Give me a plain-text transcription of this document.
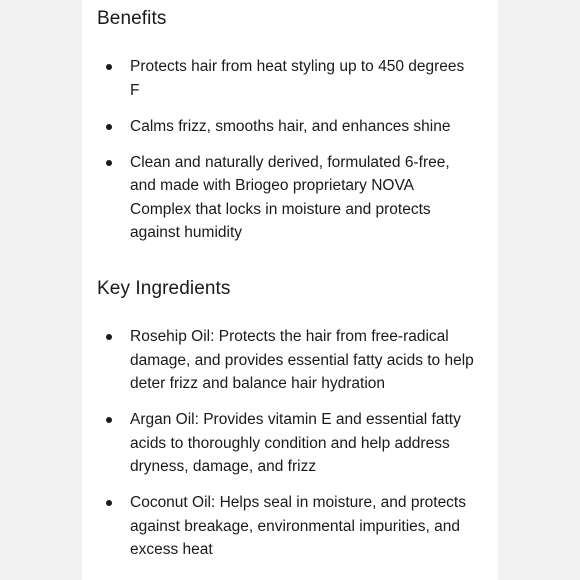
Benefits
Protects hair from heat styling up to 450 degrees F
Calms frizz, smooths hair, and enhances shine
Clean and naturally derived, formulated 6-free, and made with Briogeo proprietary NOVA Complex that locks in moisture and protects against humidity
Key Ingredients
Rosehip Oil: Protects the hair from free-radical damage, and provides essential fatty acids to help deter frizz and balance hair hydration
Argan Oil: Provides vitamin E and essential fatty acids to thoroughly condition and help address dryness, damage, and frizz
Coconut Oil: Helps seal in moisture, and protects against breakage, environmental impurities, and excess heat
